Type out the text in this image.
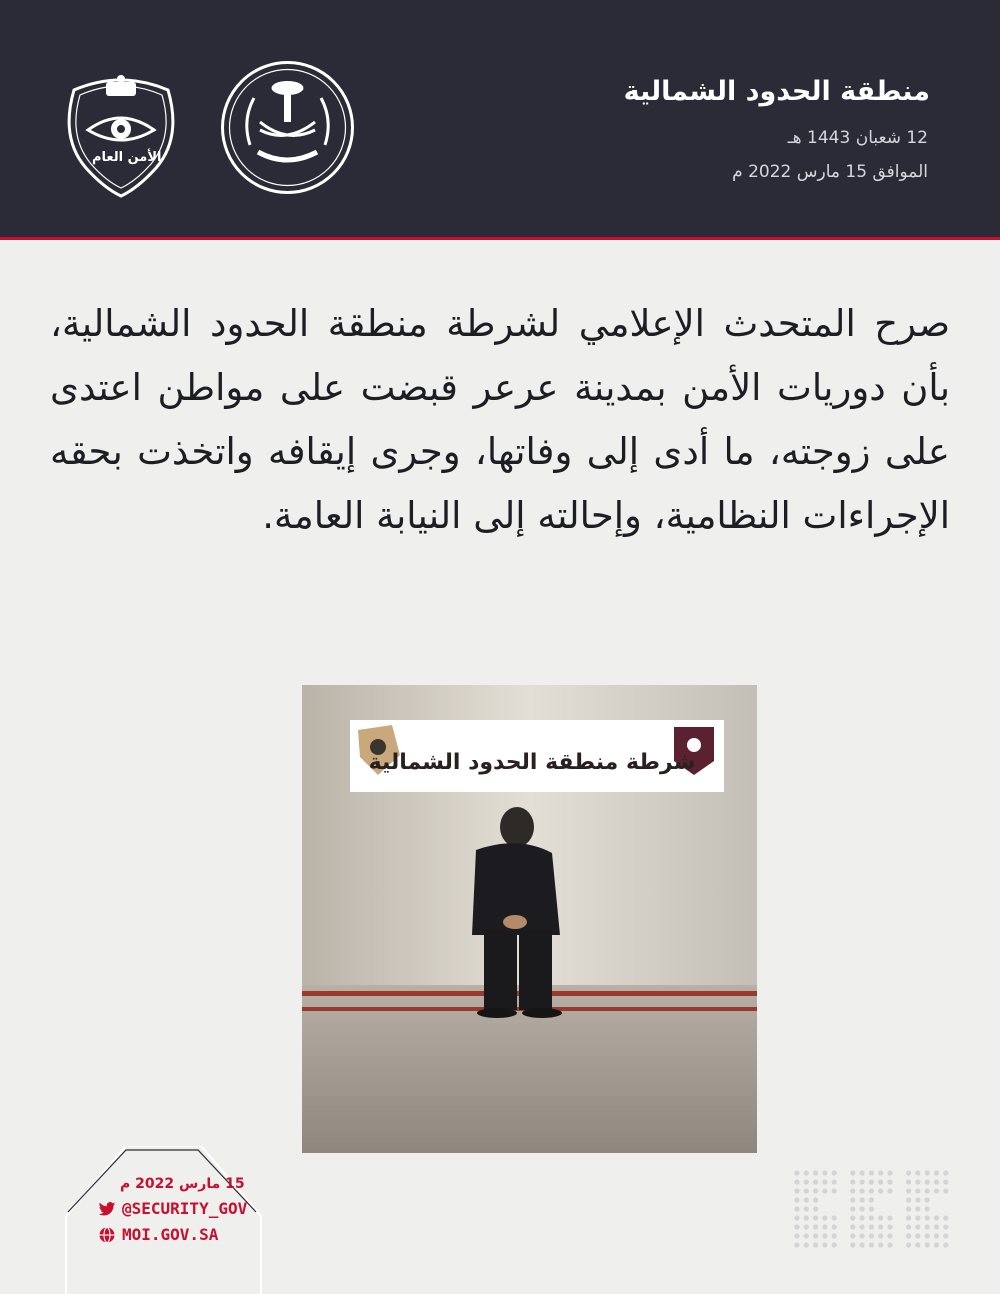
الأمن العام
منطقة الحدود الشمالية
12 شعبان 1443 هـ
الموافق 15 مارس 2022 م

صرح المتحدث الإعلامي لشرطة منطقة الحدود الشمالية، بأن دوريات الأمن بمدينة عرعر قبضت على مواطن اعتدى على زوجته، ما أدى إلى وفاتها، وجرى إيقافه واتخذت بحقه الإجراءات النظامية، وإحالته إلى النيابة العامة.

شرطة منطقة الحدود الشمالية
15 مارس 2022 م
@SECURITY_GOV
MOI.GOV.SA
